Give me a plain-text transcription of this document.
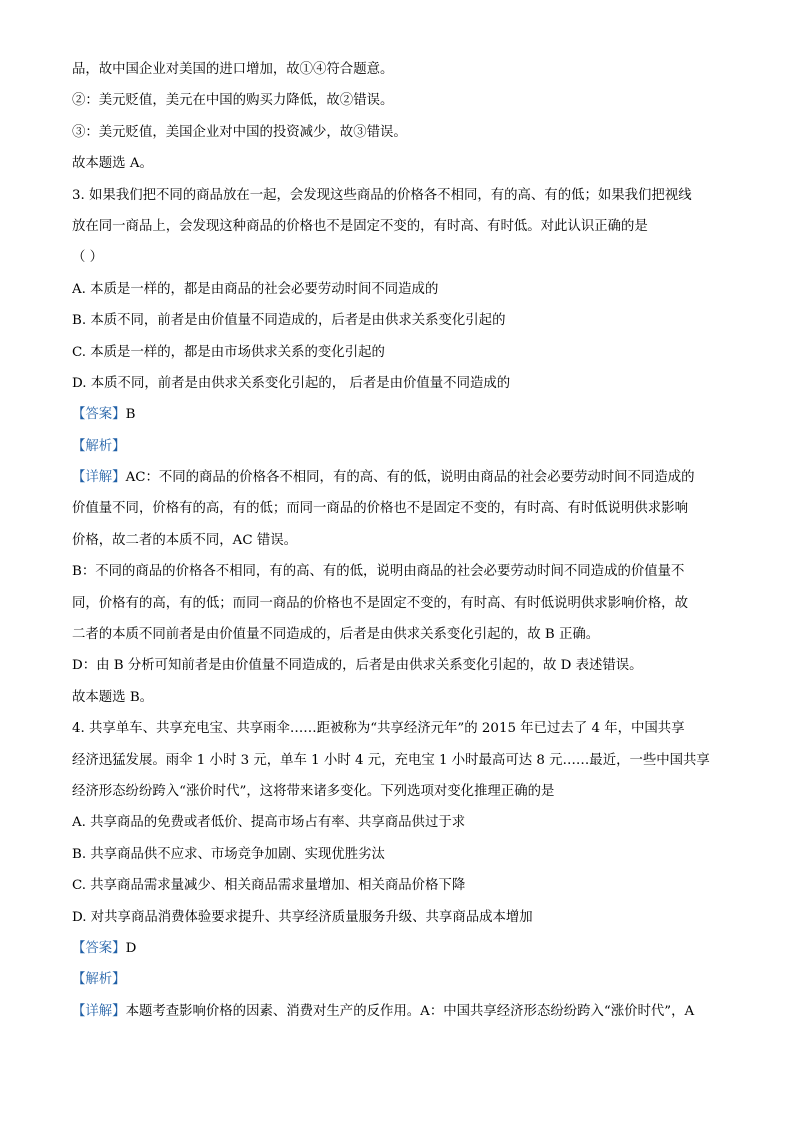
品，故中国企业对美国的进口增加，故①④符合题意。
②：美元贬值，美元在中国的购买力降低，故②错误。
③：美元贬值，美国企业对中国的投资减少，故③错误。
故本题选 A。
3. 如果我们把不同的商品放在一起，会发现这些商品的价格各不相同，有的高、有的低；如果我们把视线
放在同一商品上，会发现这种商品的价格也不是固定不变的，有时高、有时低。对此认识正确的是
（ ）
A. 本质是一样的，都是由商品的社会必要劳动时间不同造成的
B. 本质不同，前者是由价值量不同造成的，后者是由供求关系变化引起的
C. 本质是一样的，都是由市场供求关系的变化引起的
D. 本质不同，前者是由供求关系变化引起的， 后者是由价值量不同造成的
【答案】B
【解析】
【详解】AC：不同的商品的价格各不相同，有的高、有的低，说明由商品的社会必要劳动时间不同造成的
价值量不同，价格有的高，有的低；而同一商品的价格也不是固定不变的，有时高、有时低说明供求影响
价格，故二者的本质不同，AC 错误。
B：不同的商品的价格各不相同，有的高、有的低，说明由商品的社会必要劳动时间不同造成的价值量不
同，价格有的高，有的低；而同一商品的价格也不是固定不变的，有时高、有时低说明供求影响价格，故
二者的本质不同前者是由价值量不同造成的，后者是由供求关系变化引起的，故 B 正确。
D：由 B 分析可知前者是由价值量不同造成的，后者是由供求关系变化引起的，故 D 表述错误。
故本题选 B。
4. 共享单车、共享充电宝、共享雨伞……距被称为“共享经济元年”的 2015 年已过去了 4 年，中国共享
经济迅猛发展。雨伞 1 小时 3 元，单车 1 小时 4 元，充电宝 1 小时最高可达 8 元……最近，一些中国共享
经济形态纷纷跨入“涨价时代”，这将带来诸多变化。下列选项对变化推理正确的是
A. 共享商品的免费或者低价、提高市场占有率、共享商品供过于求
B. 共享商品供不应求、市场竞争加剧、实现优胜劣汰
C. 共享商品需求量减少、相关商品需求量增加、相关商品价格下降
D. 对共享商品消费体验要求提升、共享经济质量服务升级、共享商品成本增加
【答案】D
【解析】
【详解】本题考查影响价格的因素、消费对生产的反作用。A：中国共享经济形态纷纷跨入“涨价时代”，A
